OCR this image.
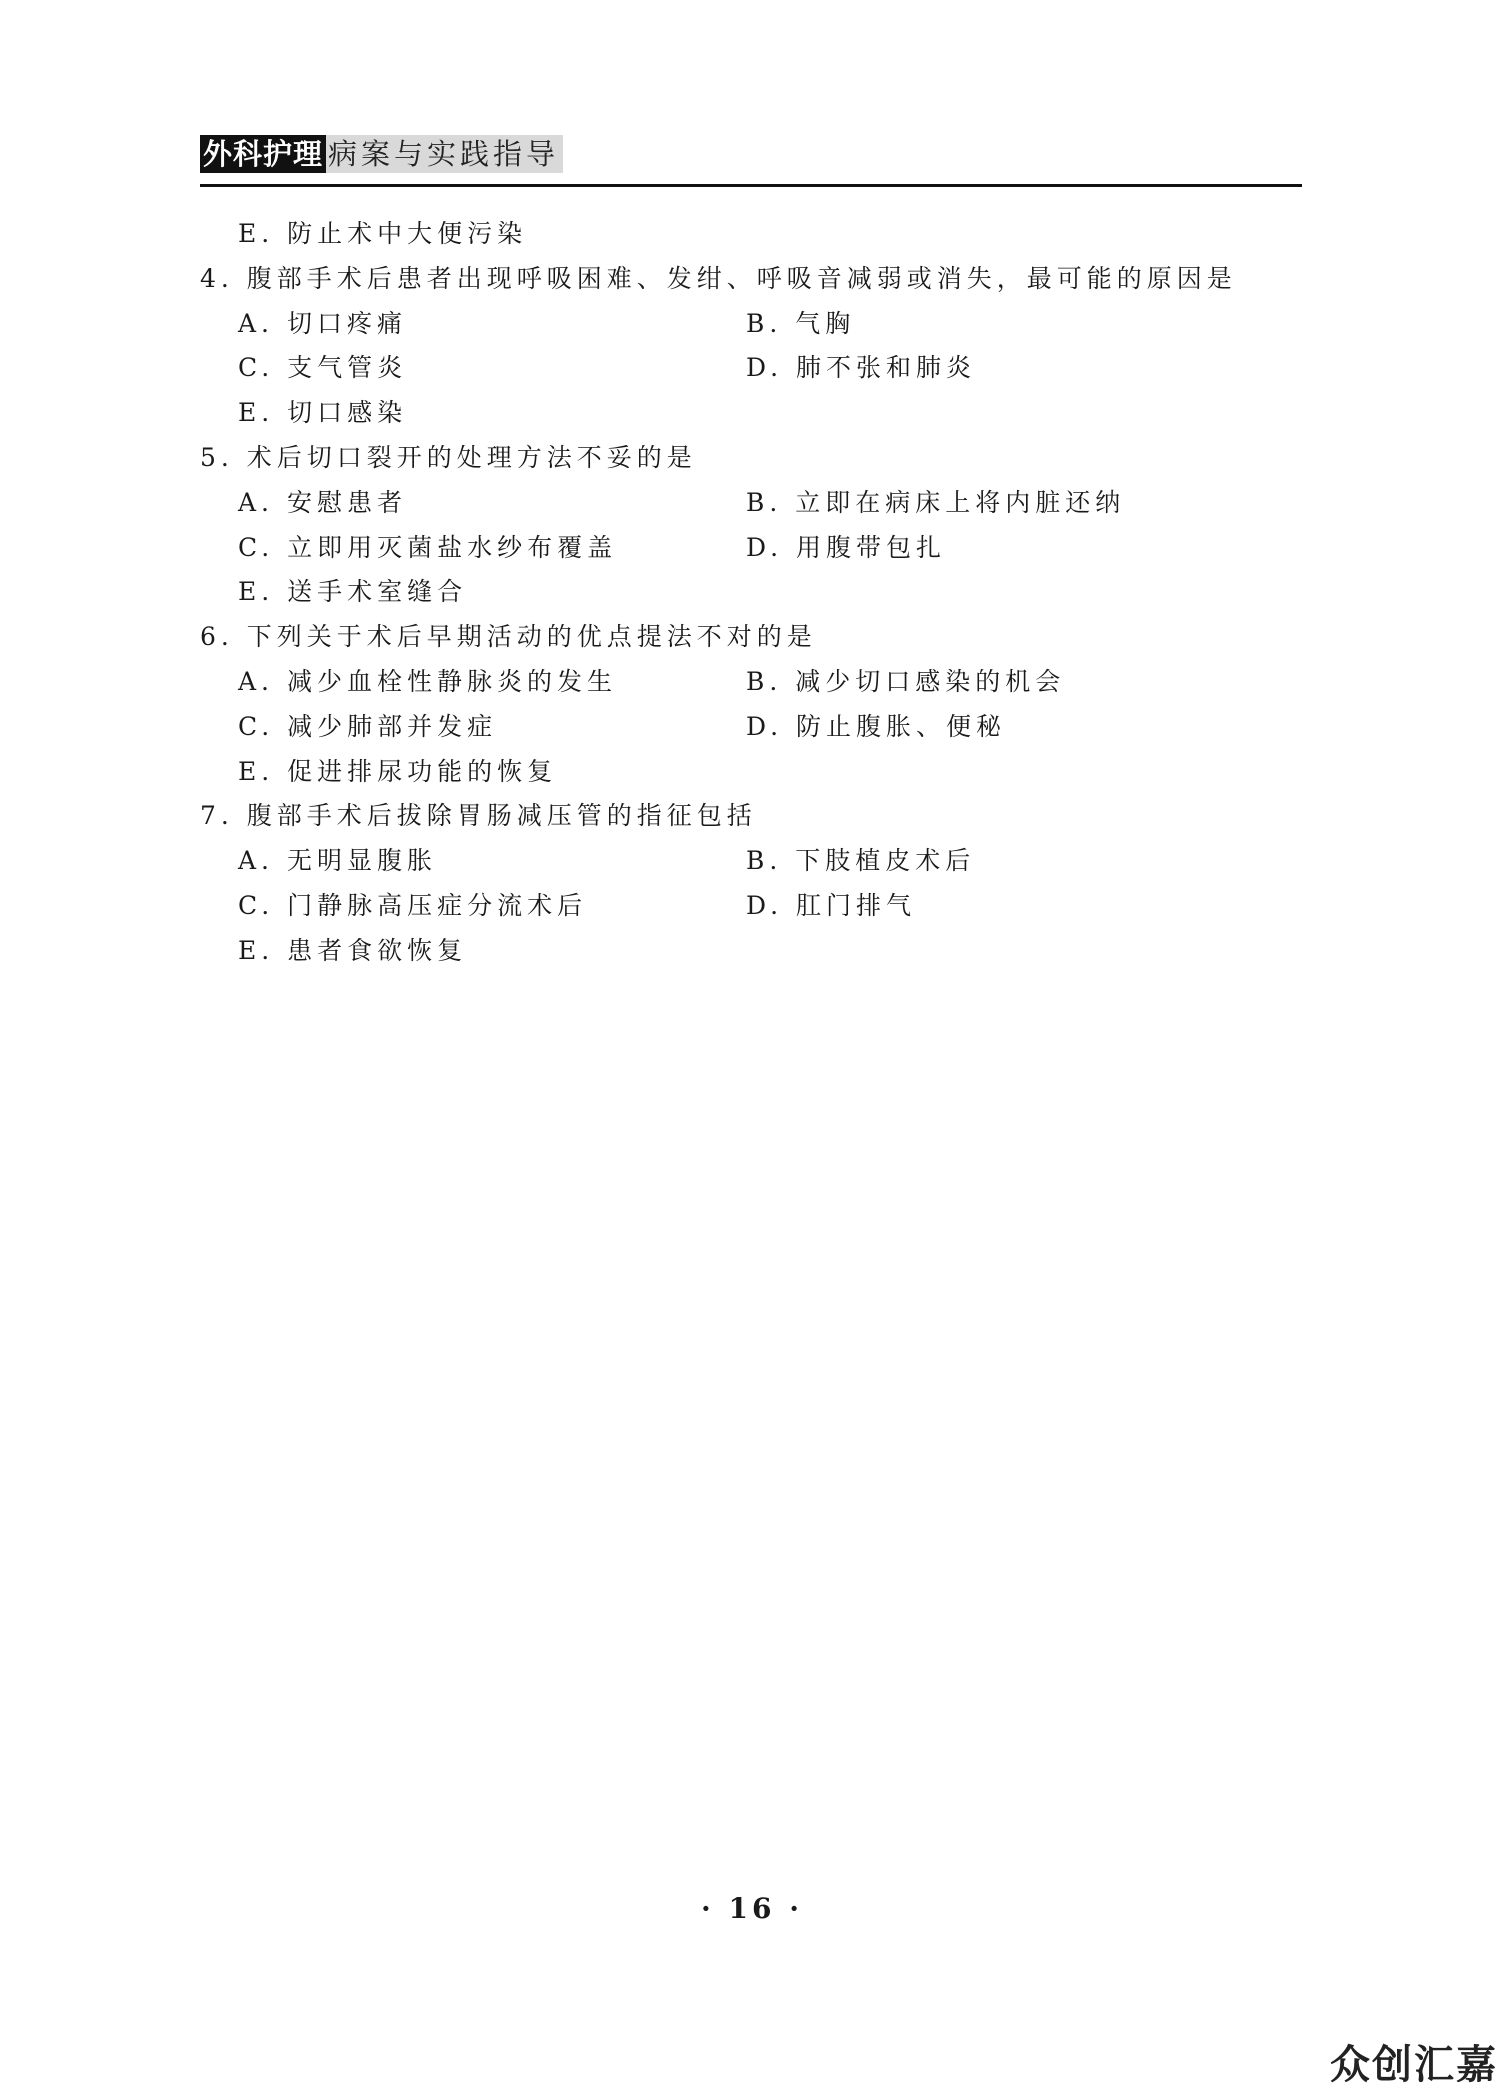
外科护理 病案与实践指导
E. 防止术中大便污染
4. 腹部手术后患者出现呼吸困难、发绀、呼吸音减弱或消失，最可能的原因是
A. 切口疼痛	B. 气胸
C. 支气管炎	D. 肺不张和肺炎
E. 切口感染
5. 术后切口裂开的处理方法不妥的是
A. 安慰患者	B. 立即在病床上将内脏还纳
C. 立即用灭菌盐水纱布覆盖	D. 用腹带包扎
E. 送手术室缝合
6. 下列关于术后早期活动的优点提法不对的是
A. 减少血栓性静脉炎的发生	B. 减少切口感染的机会
C. 减少肺部并发症	D. 防止腹胀、便秘
E. 促进排尿功能的恢复
7. 腹部手术后拔除胃肠减压管的指征包括
A. 无明显腹胀	B. 下肢植皮术后
C. 门静脉高压症分流术后	D. 肛门排气
E. 患者食欲恢复
· 16 ·
众创汇嘉
